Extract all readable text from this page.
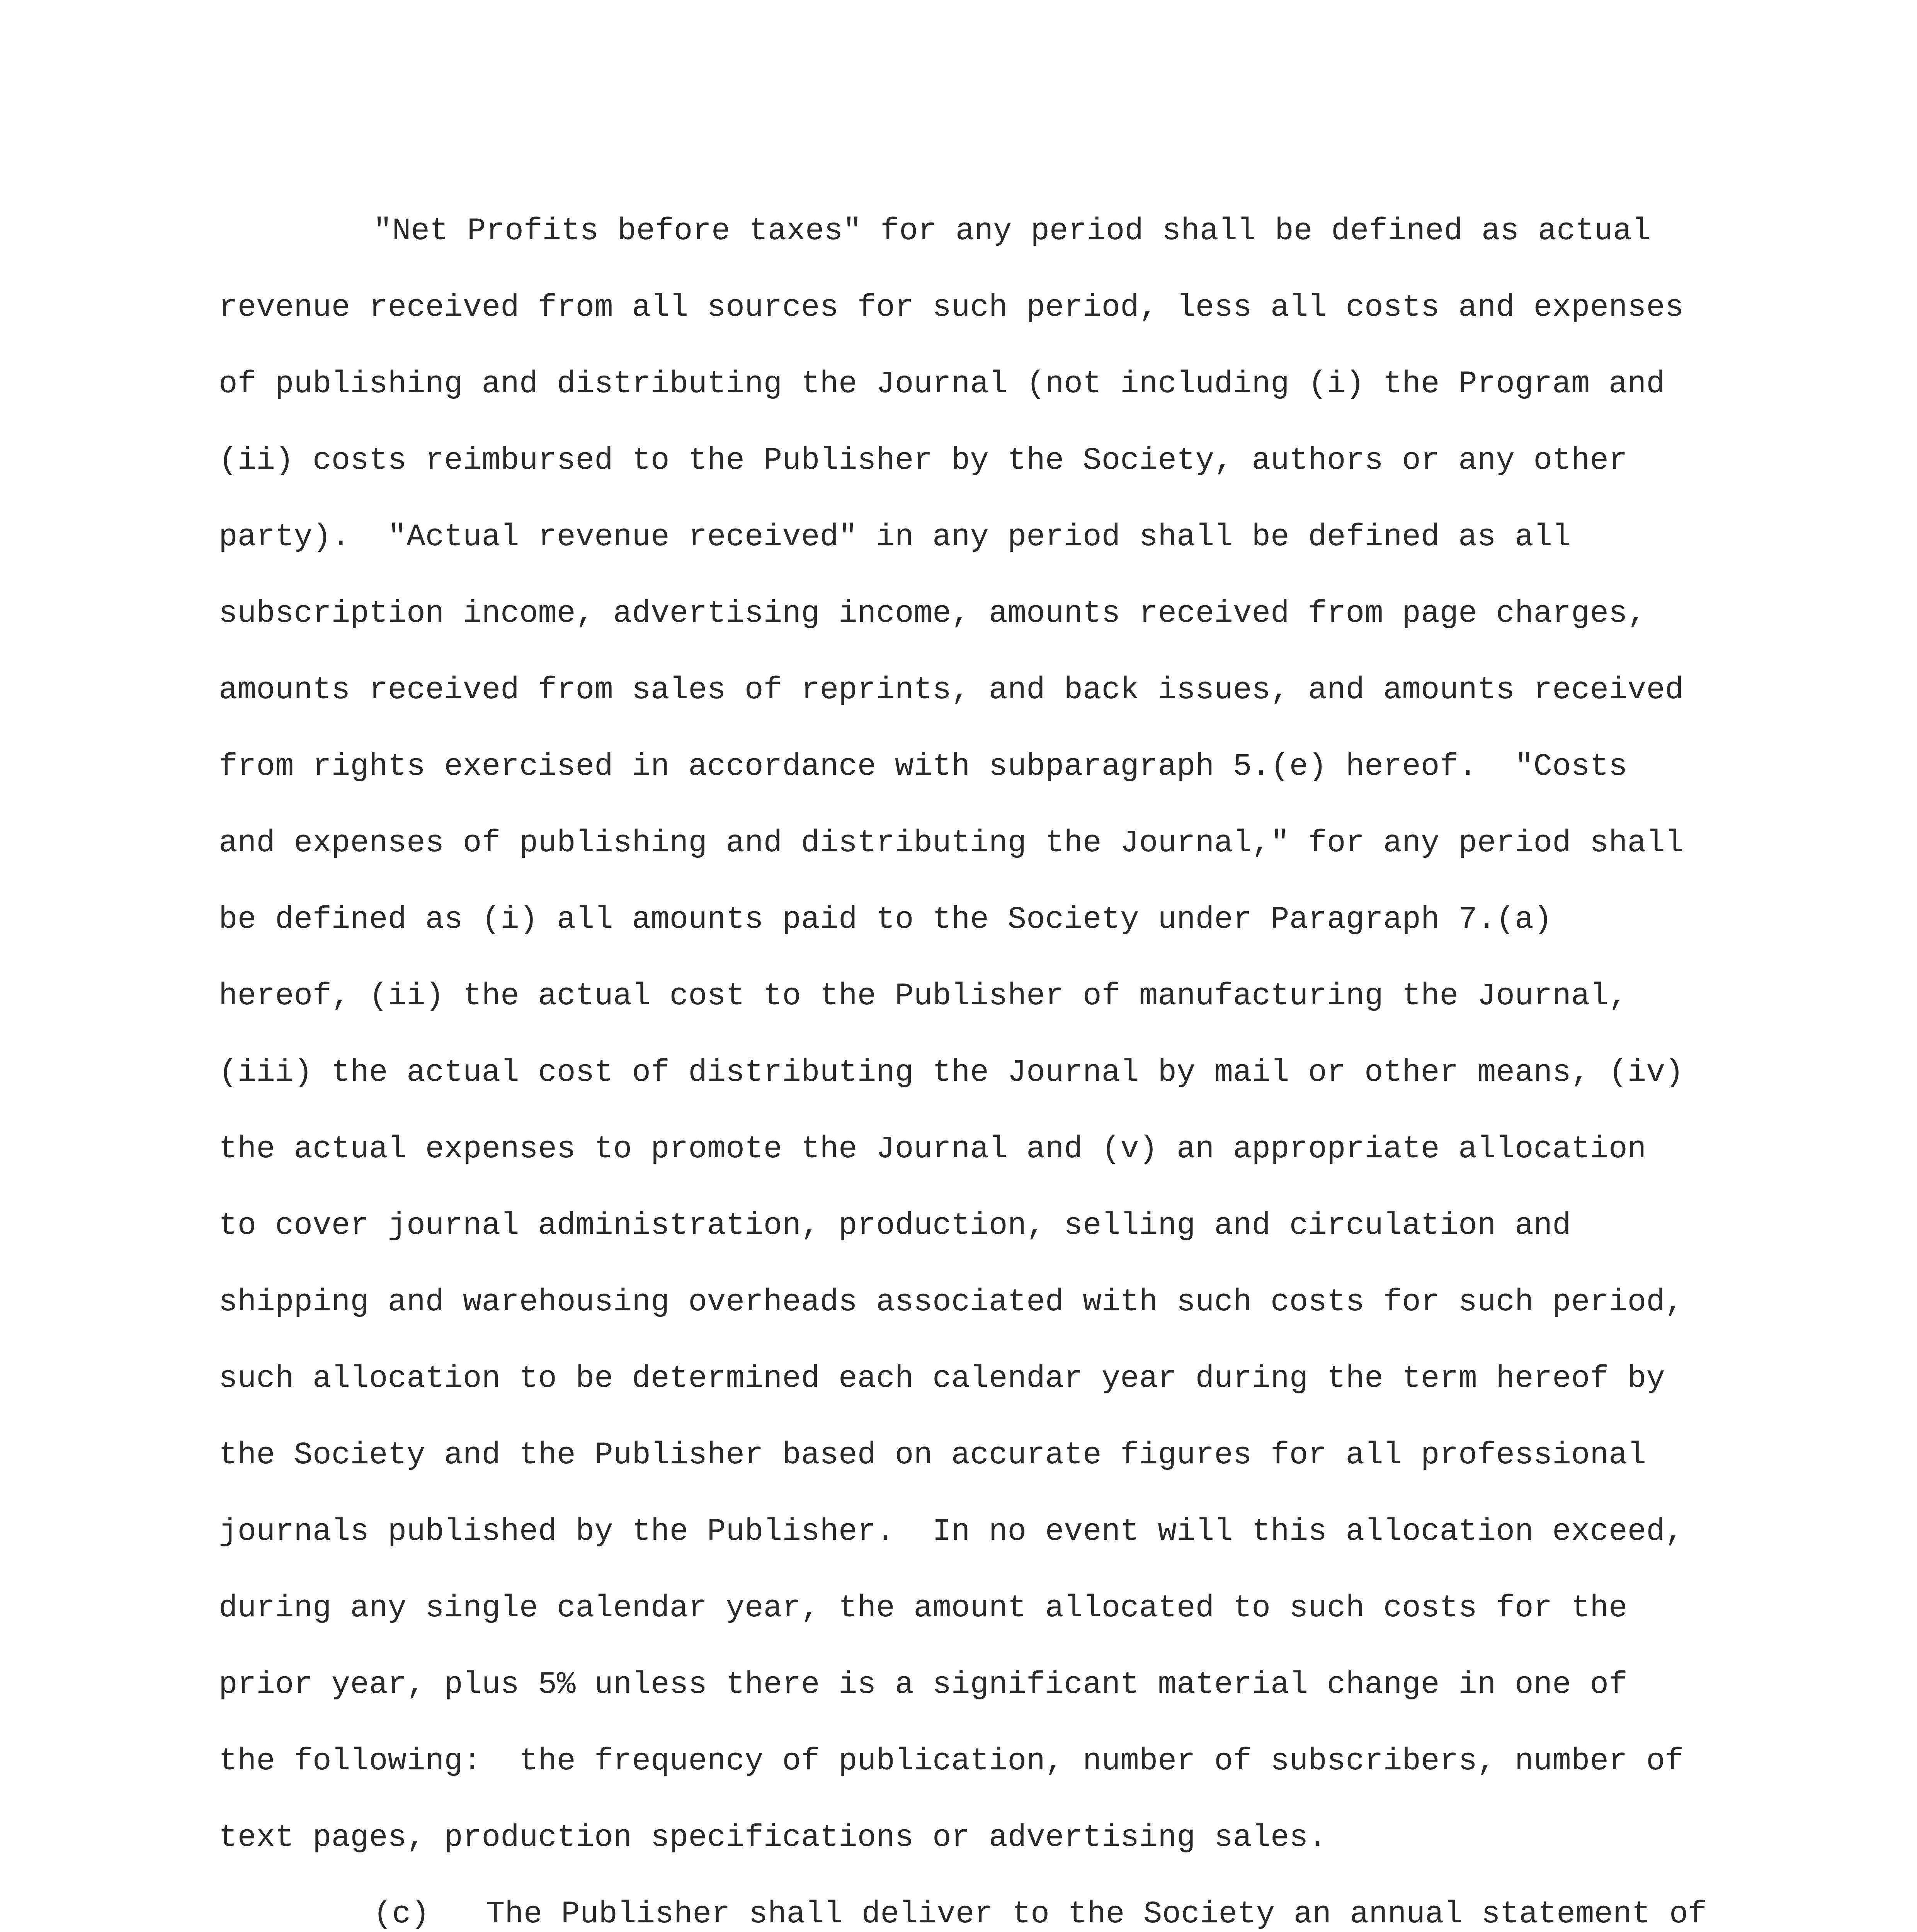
"Net Profits before taxes" for any period shall be defined as actual
revenue received from all sources for such period, less all costs and expenses
of publishing and distributing the Journal (not including (i) the Program and
(ii) costs reimbursed to the Publisher by the Society, authors or any other
party).  "Actual revenue received" in any period shall be defined as all
subscription income, advertising income, amounts received from page charges,
amounts received from sales of reprints, and back issues, and amounts received
from rights exercised in accordance with subparagraph 5.(e) hereof.  "Costs
and expenses of publishing and distributing the Journal," for any period shall
be defined as (i) all amounts paid to the Society under Paragraph 7.(a)
hereof, (ii) the actual cost to the Publisher of manufacturing the Journal,
(iii) the actual cost of distributing the Journal by mail or other means, (iv)
the actual expenses to promote the Journal and (v) an appropriate allocation
to cover journal administration, production, selling and circulation and
shipping and warehousing overheads associated with such costs for such period,
such allocation to be determined each calendar year during the term hereof by
the Society and the Publisher based on accurate figures for all professional
journals published by the Publisher.  In no event will this allocation exceed,
during any single calendar year, the amount allocated to such costs for the
prior year, plus 5% unless there is a significant material change in one of
the following:  the frequency of publication, number of subscribers, number of
text pages, production specifications or advertising sales.
(c)   The Publisher shall deliver to the Society an annual statement of
